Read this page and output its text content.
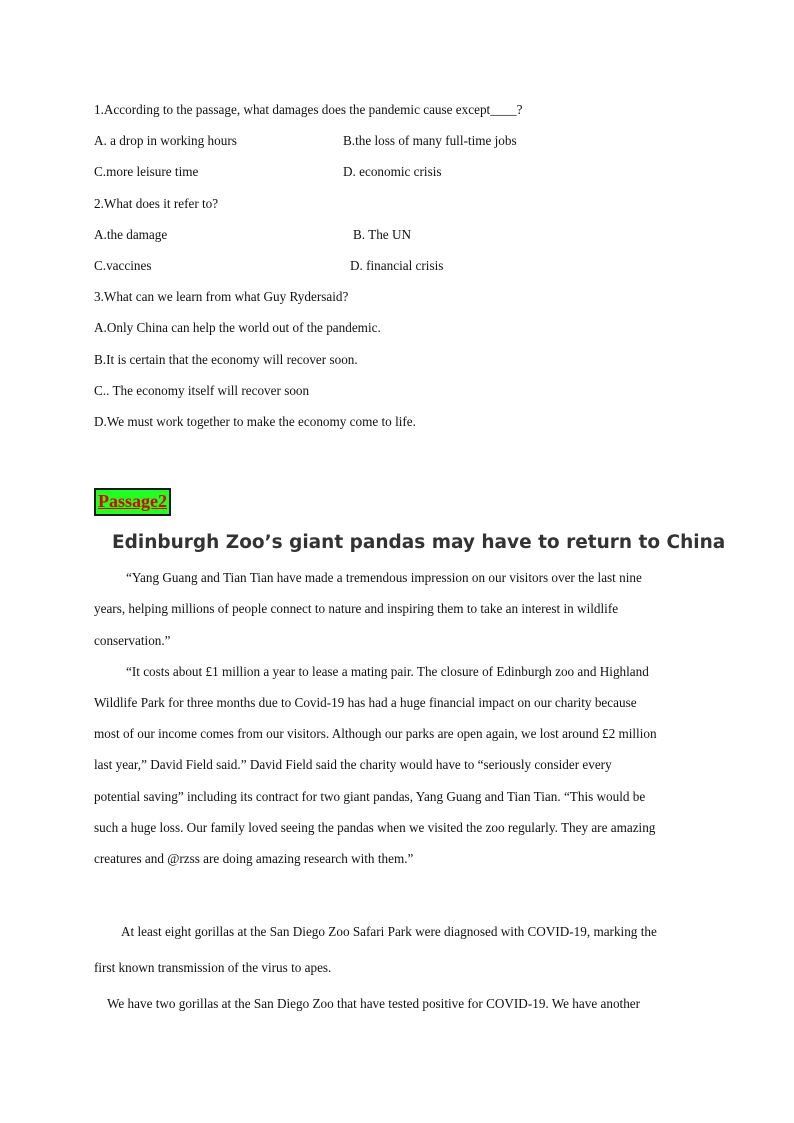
1.According to the passage, what damages does the pandemic cause except____?
A. a drop in working hours	B.the loss of many full-time jobs
C.more leisure time	D. economic crisis
2.What does it refer to?
A.the damage	B. The UN
C.vaccines	D. financial crisis
3.What can we learn from what Guy Rydersaid?
A.Only China can help the world out of the pandemic.
B.It is certain that the economy will recover soon.
C.. The economy itself will recover soon
D.We must work together to make the economy come to life.
Passage2
Edinburgh Zoo’s giant pandas may have to return to China
“Yang Guang and Tian Tian have made a tremendous impression on our visitors over the last nine
years, helping millions of people connect to nature and inspiring them to take an interest in wildlife
conservation.”
“It costs about £1 million a year to lease a mating pair. The closure of Edinburgh zoo and Highland
Wildlife Park for three months due to Covid-19 has had a huge financial impact on our charity because
most of our income comes from our visitors. Although our parks are open again, we lost around £2 million
last year,” David Field said.” David Field said the charity would have to “seriously consider every
potential saving” including its contract for two giant pandas, Yang Guang and Tian Tian. “This would be
such a huge loss. Our family loved seeing the pandas when we visited the zoo regularly. They are amazing
creatures and @rzss are doing amazing research with them.”
At least eight gorillas at the San Diego Zoo Safari Park were diagnosed with COVID-19, marking the
first known transmission of the virus to apes.
We have two gorillas at the San Diego Zoo that have tested positive for COVID-19. We have another
